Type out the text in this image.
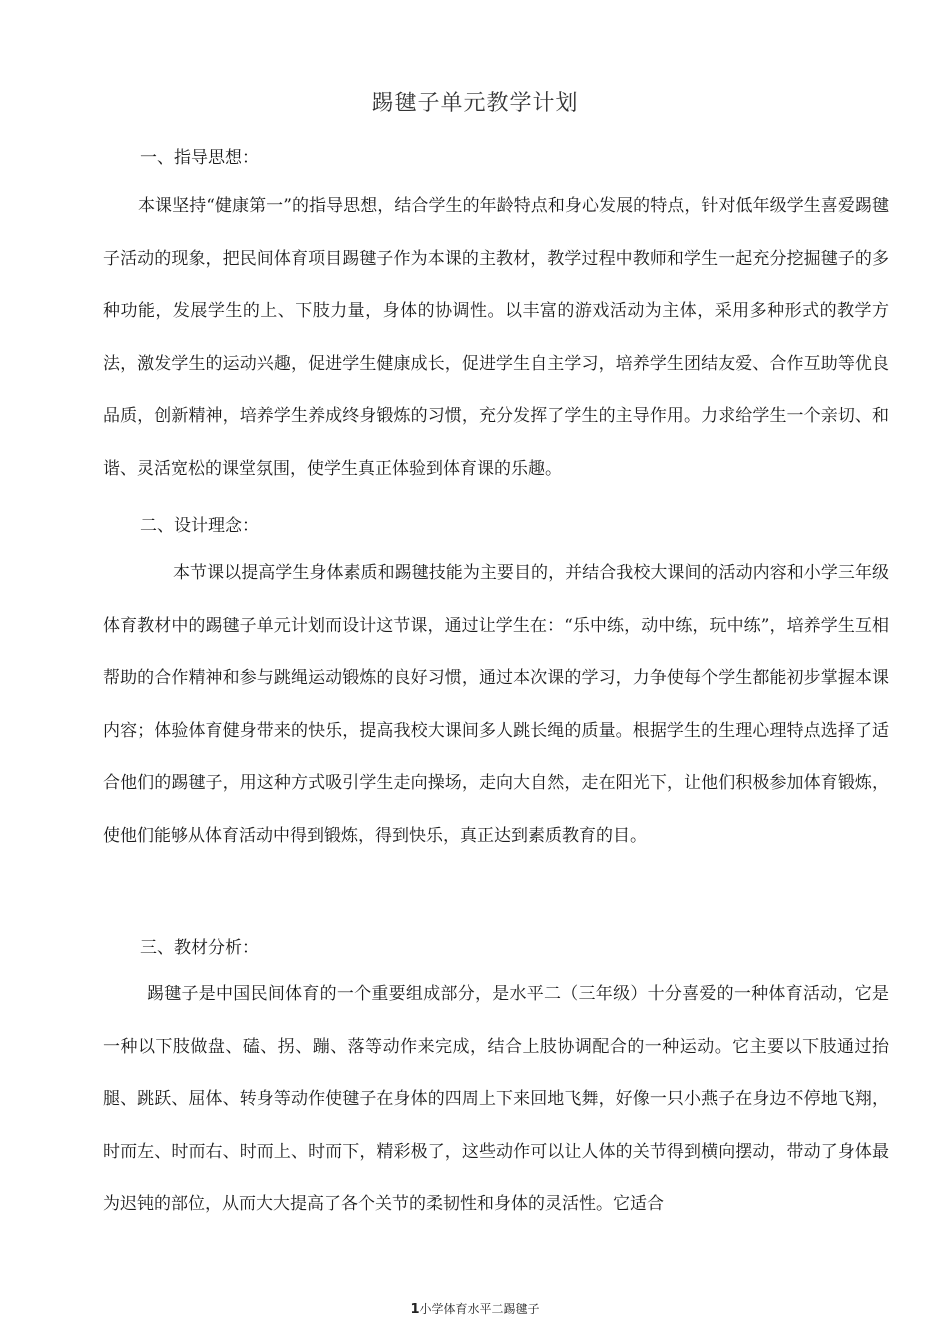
踢毽子单元教学计划
一、指导思想：

本课坚持“健康第一”的指导思想，结合学生的年龄特点和身心发展的特点，针对低年级学生喜爱踢毽子活动的现象，把民间体育项目踢毽子作为本课的主教材，教学过程中教师和学生一起充分挖掘毽子的多种功能，发展学生的上、下肢力量，身体的协调性。以丰富的游戏活动为主体，采用多种形式的教学方法，激发学生的运动兴趣，促进学生健康成长，促进学生自主学习，培养学生团结友爱、合作互助等优良品质，创新精神，培养学生养成终身锻炼的习惯，充分发挥了学生的主导作用。力求给学生一个亲切、和谐、灵活宽松的课堂氛围，使学生真正体验到体育课的乐趣。

二、设计理念：

本节课以提高学生身体素质和踢毽技能为主要目的，并结合我校大课间的活动内容和小学三年级体育教材中的踢毽子单元计划而设计这节课，通过让学生在：“乐中练，动中练，玩中练”，培养学生互相帮助的合作精神和参与跳绳运动锻炼的良好习惯，通过本次课的学习，力争使每个学生都能初步掌握本课内容；体验体育健身带来的快乐，提高我校大课间多人跳长绳的质量。根据学生的生理心理特点选择了适合他们的踢毽子，用这种方式吸引学生走向操场，走向大自然，走在阳光下，让他们积极参加体育锻炼，使他们能够从体育活动中得到锻炼，得到快乐，真正达到素质教育的目。

三、教材分析：

踢毽子是中国民间体育的一个重要组成部分，是水平二（三年级）十分喜爱的一种体育活动，它是一种以下肢做盘、磕、拐、蹦、落等动作来完成，结合上肢协调配合的一种运动。它主要以下肢通过抬腿、跳跃、屈体、转身等动作使毽子在身体的四周上下来回地飞舞，好像一只小燕子在身边不停地飞翔，时而左、时而右、时而上、时而下，精彩极了，这些动作可以让人体的关节得到横向摆动，带动了身体最为迟钝的部位，从而大大提高了各个关节的柔韧性和身体的灵活性。它适合

1小学体育水平二踢毽子
